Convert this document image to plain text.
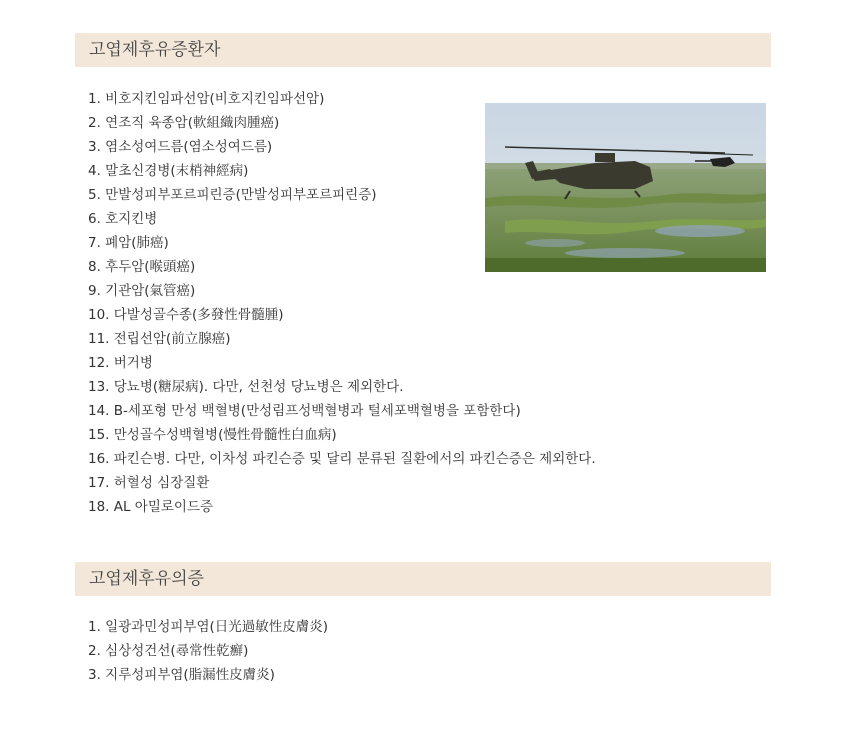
고엽제후유증환자
1. 비호지킨임파선암(비호지킨임파선암)
2. 연조직 육종암(軟組織肉腫癌)
3. 염소성여드름(염소성여드름)
4. 말초신경병(末梢神經病)
5. 만발성피부포르피린증(만발성피부포르피린증)
6. 호지킨병
7. 폐암(肺癌)
8. 후두암(喉頭癌)
9. 기관암(氣管癌)
10. 다발성골수종(多發性骨髓腫)
11. 전립선암(前立腺癌)
12. 버거병
13. 당뇨병(糖尿病). 다만, 선천성 당뇨병은 제외한다.
14. B-세포형 만성 백혈병(만성림프성백혈병과 털세포백혈병을 포함한다)
15. 만성골수성백혈병(慢性骨髓性白血病)
16. 파킨슨병. 다만, 이차성 파킨슨증 및 달리 분류된 질환에서의 파킨슨증은 제외한다.
17. 허혈성 심장질환
18. AL 아밀로이드증
고엽제후유의증
1. 일광과민성피부염(日光過敏性皮膚炎)
2. 심상성건선(尋常性乾癬)
3. 지루성피부염(脂漏性皮膚炎)
